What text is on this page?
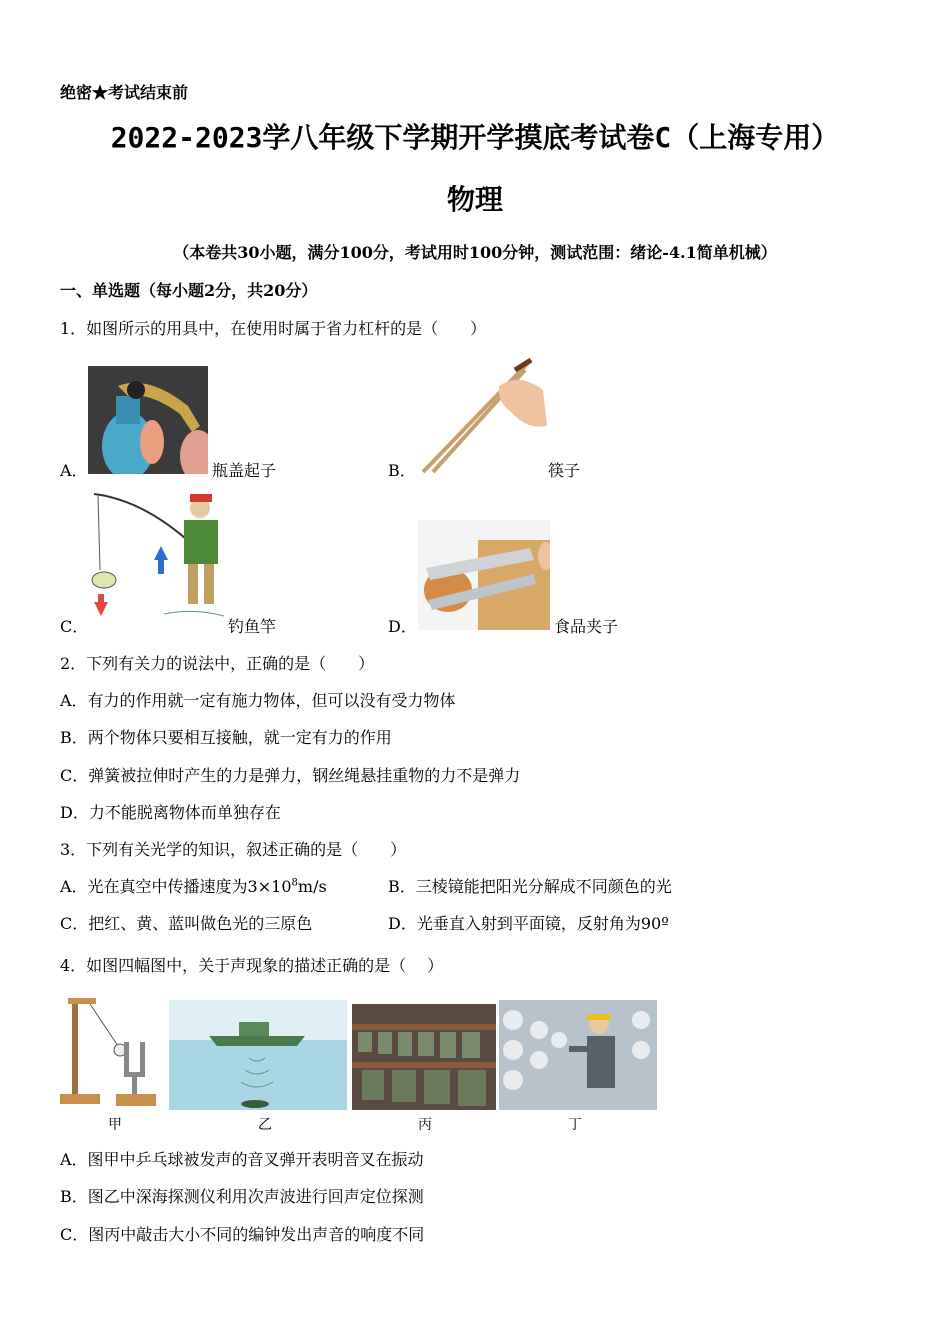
绝密★考试结束前
2022-2023学八年级下学期开学摸底考试卷C（上海专用）
物理
（本卷共30小题，满分100分，考试用时100分钟，测试范围：绪论-4.1简单机械）
一、单选题（每小题2分，共20分）
1．如图所示的用具中，在使用时属于省力杠杆的是（　　）
A．	瓶盖起子	B．	筷子
C．	钓鱼竿	D．	食品夹子
2．下列有关力的说法中，正确的是（　　）
A．有力的作用就一定有施力物体，但可以没有受力物体
B．两个物体只要相互接触，就一定有力的作用
C．弹簧被拉伸时产生的力是弹力，钢丝绳悬挂重物的力不是弹力
D．力不能脱离物体而单独存在
3．下列有关光学的知识，叙述正确的是（　　）
A．光在真空中传播速度为$3\times 10^8m/s$	B．三棱镜能把阳光分解成不同颜色的光
C．把红、黄、蓝叫做色光的三原色	D．光垂直入射到平面镜，反射角为90º
4．如图四幅图中，关于声现象的描述正确的是（　 ）
甲	乙	丙	丁
A．图甲中乒乓球被发声的音叉弹开表明音叉在振动
B．图乙中深海探测仪利用次声波进行回声定位探测
C．图丙中敲击大小不同的编钟发出声音的响度不同
